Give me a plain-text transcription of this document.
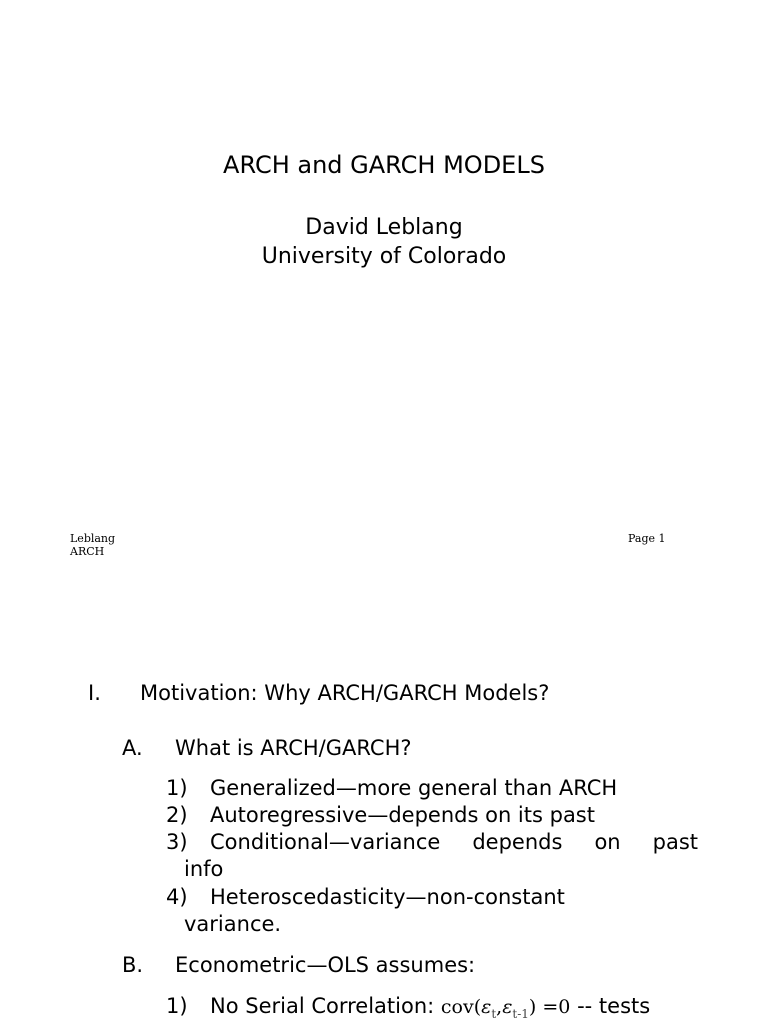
ARCH and GARCH MODELS
David Leblang
University of Colorado
Leblang
ARCH
Page 1
I. Motivation: Why ARCH/GARCH Models?
A. What is ARCH/GARCH?
1) Generalized—more general than ARCH
2) Autoregressive—depends on its past
3) Conditional—variance depends on past
info
4) Heteroscedasticity—non-constant
variance.
B. Econometric—OLS assumes:
1) No Serial Correlation: $cov(\varepsilon_t,\varepsilon_{t-1}) =0$ -- tests
